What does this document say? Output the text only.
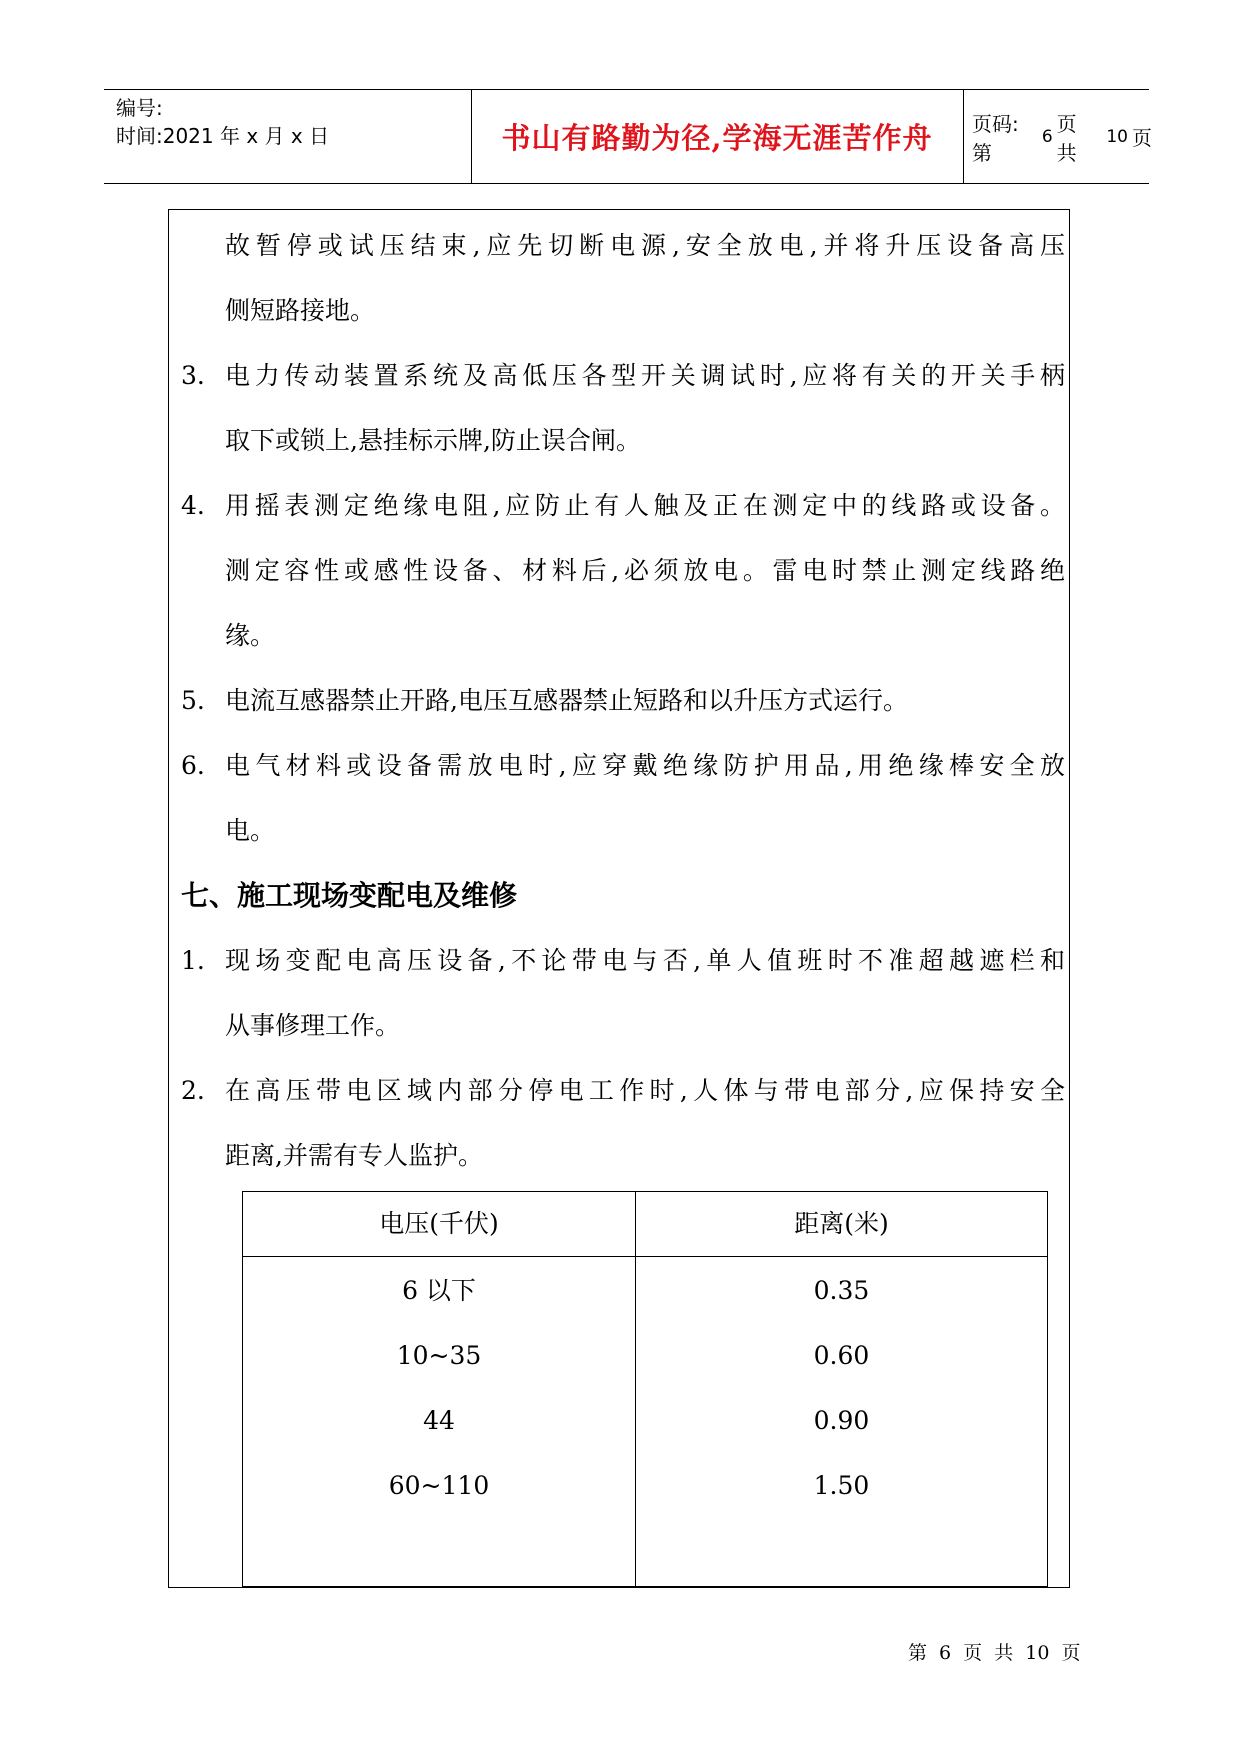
编号:
时间:2021 年 x 月 x 日	书山有路勤为径,学海无涯苦作舟	页码:第
6
页 共
10 页
故暂停或试压结束,应先切断电源,安全放电,并将升压设备高压
侧短路接地。
3. 电力传动装置系统及高低压各型开关调试时,应将有关的开关手柄
取下或锁上,悬挂标示牌,防止误合闸。
4. 用摇表测定绝缘电阻,应防止有人触及正在测定中的线路或设备。
测定容性或感性设备、材料后,必须放电。雷电时禁止测定线路绝
缘。
5. 电流互感器禁止开路,电压互感器禁止短路和以升压方式运行。
6. 电气材料或设备需放电时,应穿戴绝缘防护用品,用绝缘棒安全放
电。
七、施工现场变配电及维修
1. 现场变配电高压设备,不论带电与否,单人值班时不准超越遮栏和
从事修理工作。
2. 在高压带电区域内部分停电工作时,人体与带电部分,应保持安全
距离,并需有专人监护。
电压(千伏)	距离(米)
6 以下	0.35
10~35	0.60
44	0.90
60~110	1.50
第 6 页 共 10 页
